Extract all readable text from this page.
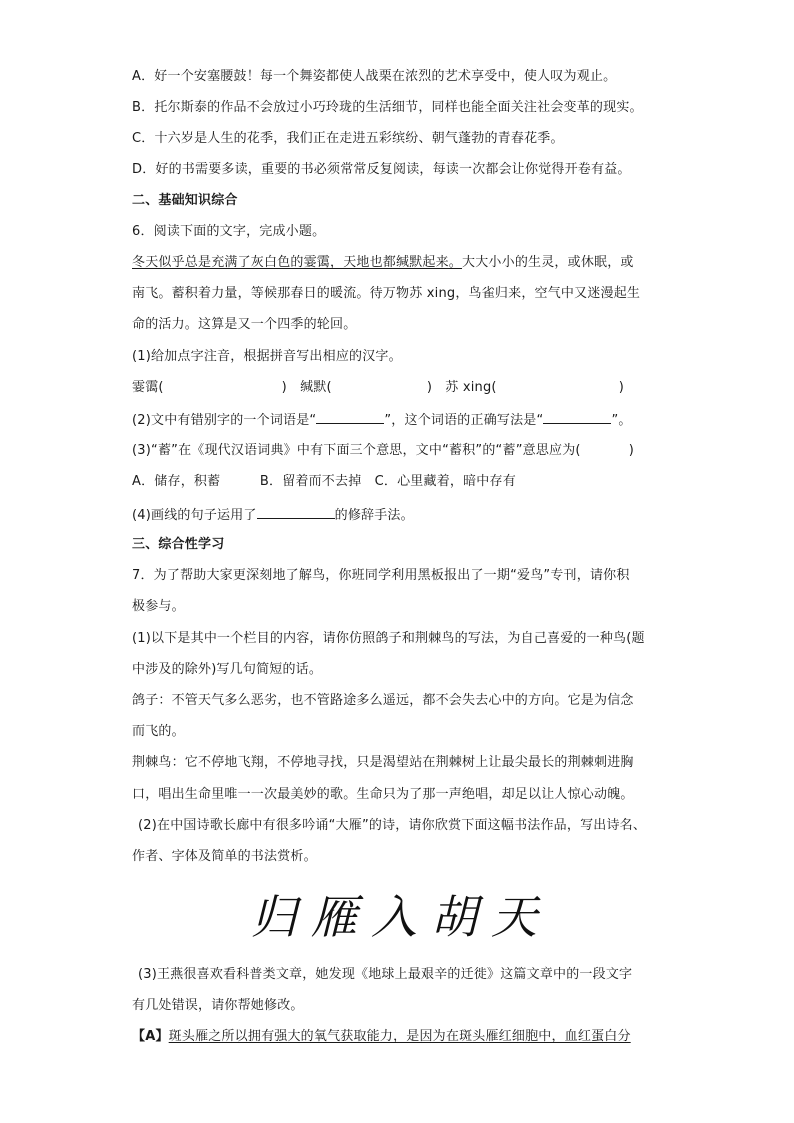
A．好一个安塞腰鼓！每一个舞姿都使人战栗在浓烈的艺术享受中，使人叹为观止。
B．托尔斯泰的作品不会放过小巧玲珑的生活细节，同样也能全面关注社会变革的现实。
C．十六岁是人生的花季，我们正在走进五彩缤纷、朝气蓬勃的青春花季。
D．好的书需要多读，重要的书必须常常反复阅读，每读一次都会让你觉得开卷有益。
二、基础知识综合
6．阅读下面的文字，完成小题。
冬天似乎总是充满了灰白色的霎霭，天地也都缄默起来。大大小小的生灵，或休眠，或
南飞。蓄积着力量，等候那春日的暖流。待万物苏 xing，鸟雀归来，空气中又迷漫起生
命的活力。这算是又一个四季的轮回。
(1)给加点字注音，根据拼音写出相应的汉字。
霎霭(	)　缄默(	)　苏 xing(	)
(2)文中有错别字的一个词语是“	”，这个词语的正确写法是“	”。
(3)“蓄”在《现代汉语词典》中有下面三个意思，文中“蓄积”的“蓄”意思应为(	)
A．储存，积蓄　　　B．留着而不去掉　C．心里藏着，暗中存有
(4)画线的句子运用了	的修辞手法。
三、综合性学习
7．为了帮助大家更深刻地了解鸟，你班同学利用黑板报出了一期“爱鸟”专刊，请你积
极参与。
(1)以下是其中一个栏目的内容，请你仿照鸽子和荆棘鸟的写法，为自己喜爱的一种鸟(题
中涉及的除外)写几句简短的话。
鸽子：不管天气多么恶劣，也不管路途多么遥远，都不会失去心中的方向。它是为信念
而飞的。
荆棘鸟：它不停地飞翔，不停地寻找，只是渴望站在荆棘树上让最尖最长的荆棘刺进胸
口，唱出生命里唯一一次最美妙的歌。生命只为了那一声绝唱，却足以让人惊心动魄。
(2)在中国诗歌长廊中有很多吟诵“大雁”的诗，请你欣赏下面这幅书法作品，写出诗名、
作者、字体及简单的书法赏析。
归雁入胡天
(3)王燕很喜欢看科普类文章，她发现《地球上最艰辛的迁徙》这篇文章中的一段文字
有几处错误，请你帮她修改。
【A】斑头雁之所以拥有强大的氧气获取能力，是因为在斑头雁红细胞中，血红蛋白分
